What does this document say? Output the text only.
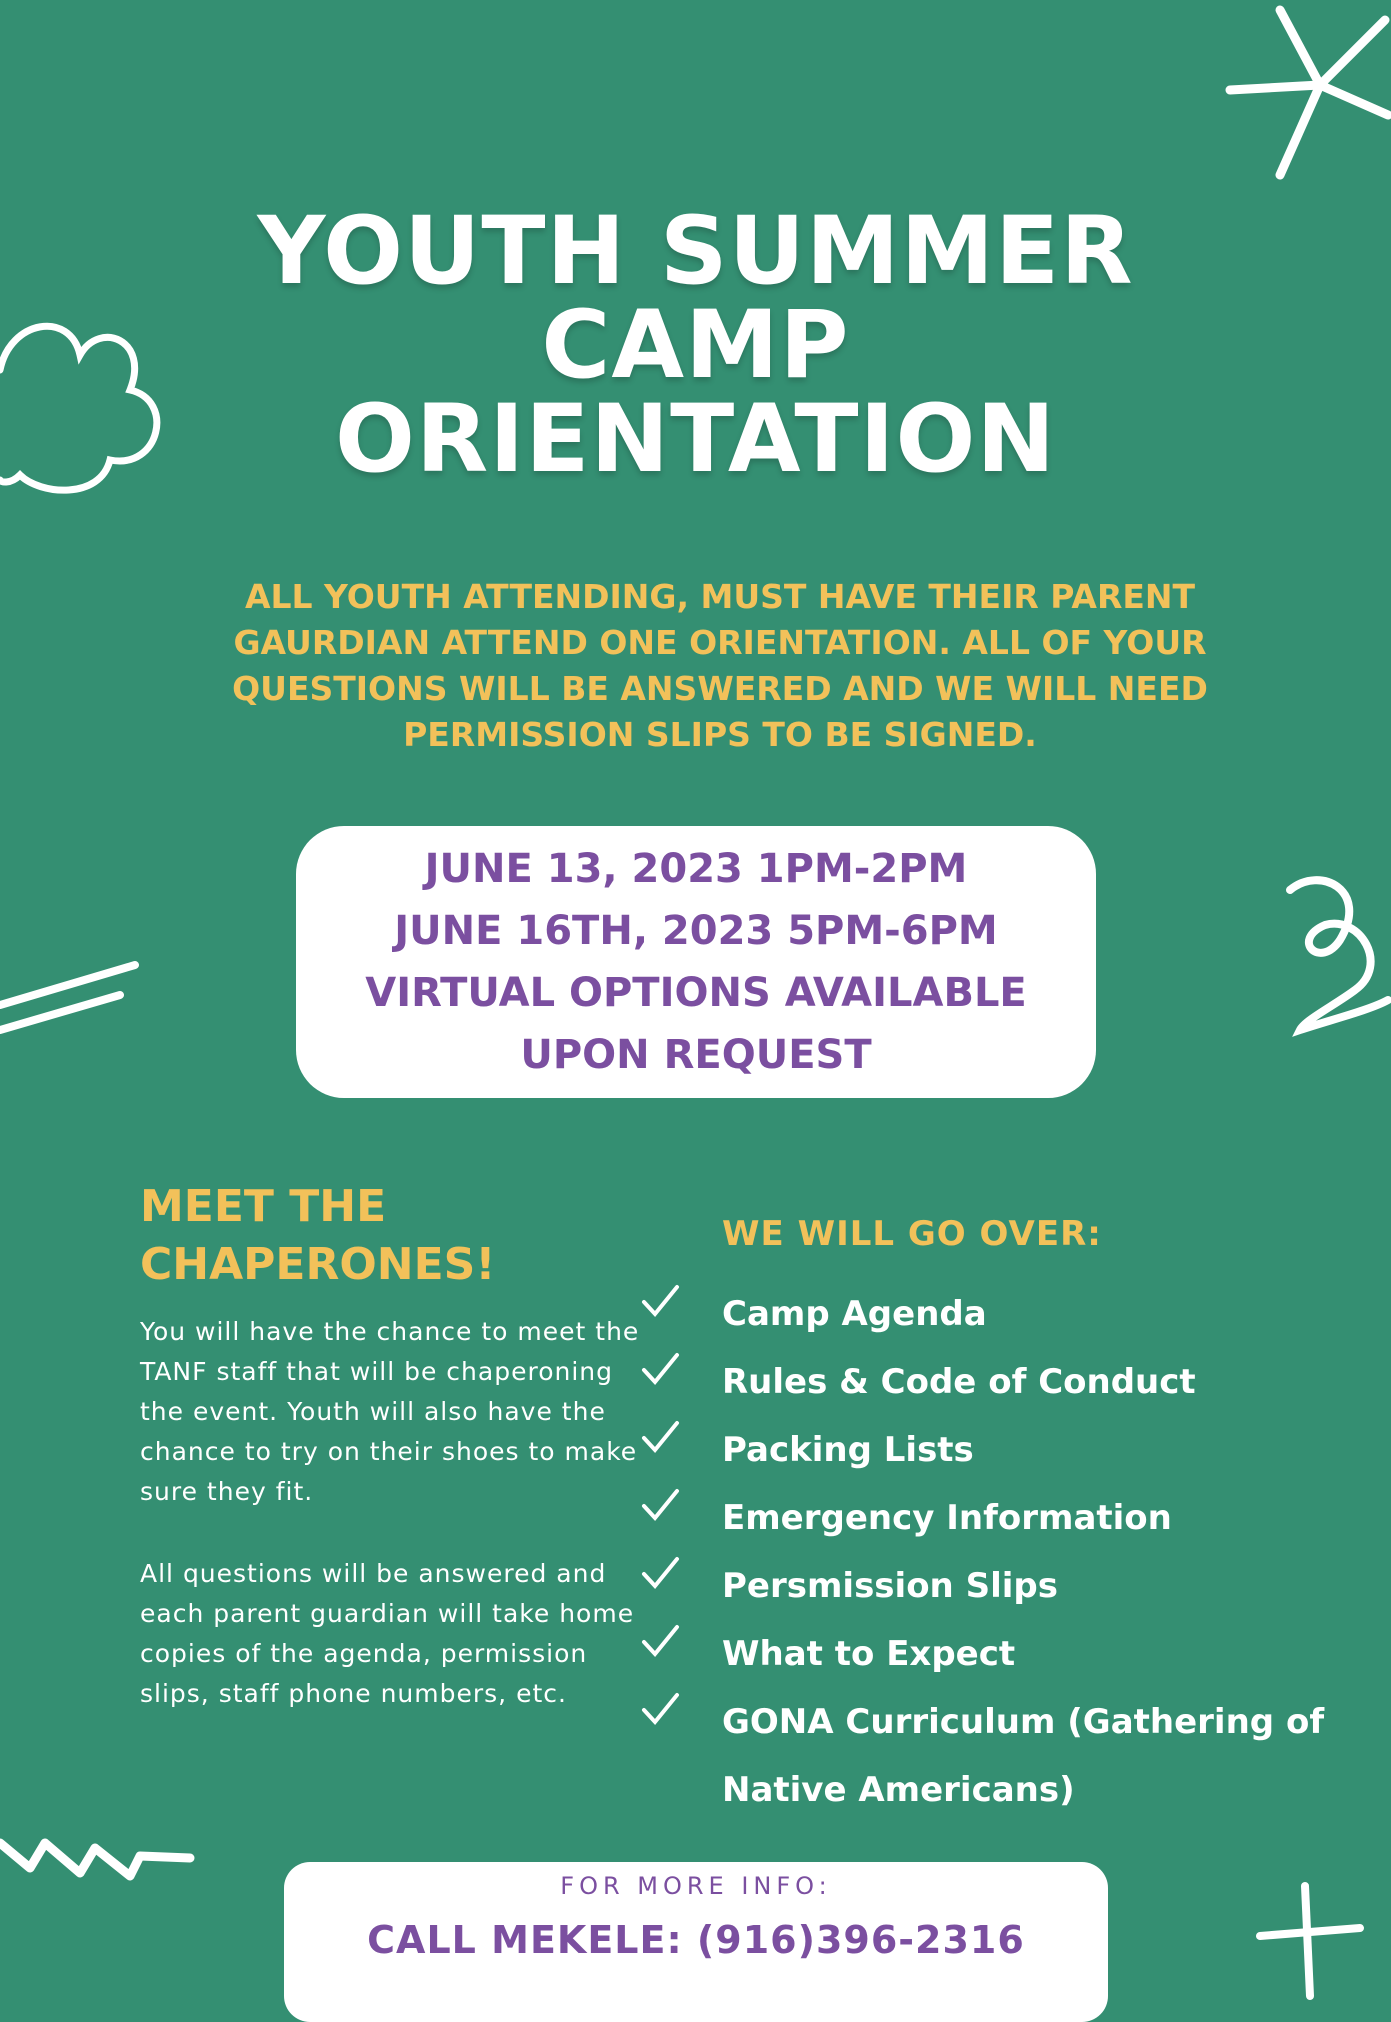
YOUTH SUMMER
CAMP
ORIENTATION
ALL YOUTH ATTENDING, MUST HAVE THEIR PARENT
GAURDIAN ATTEND ONE ORIENTATION. ALL OF YOUR
QUESTIONS WILL BE ANSWERED AND WE WILL NEED
PERMISSION SLIPS TO BE SIGNED.
JUNE 13, 2023 1PM-2PM
JUNE 16TH, 2023 5PM-6PM
VIRTUAL OPTIONS AVAILABLE
UPON REQUEST
MEET THE
CHAPERONES!
You will have the chance to meet the TANF staff that will be chaperoning the event. Youth will also have the chance to try on their shoes to make sure they fit.
All questions will be answered and each parent guardian will take home copies of the agenda, permission slips, staff phone numbers, etc.
WE WILL GO OVER:
Camp Agenda
Rules & Code of Conduct
Packing Lists
Emergency Information
Persmission Slips
What to Expect
GONA Curriculum (Gathering of Native Americans)
FOR MORE INFO:
CALL MEKELE: (916)396-2316
